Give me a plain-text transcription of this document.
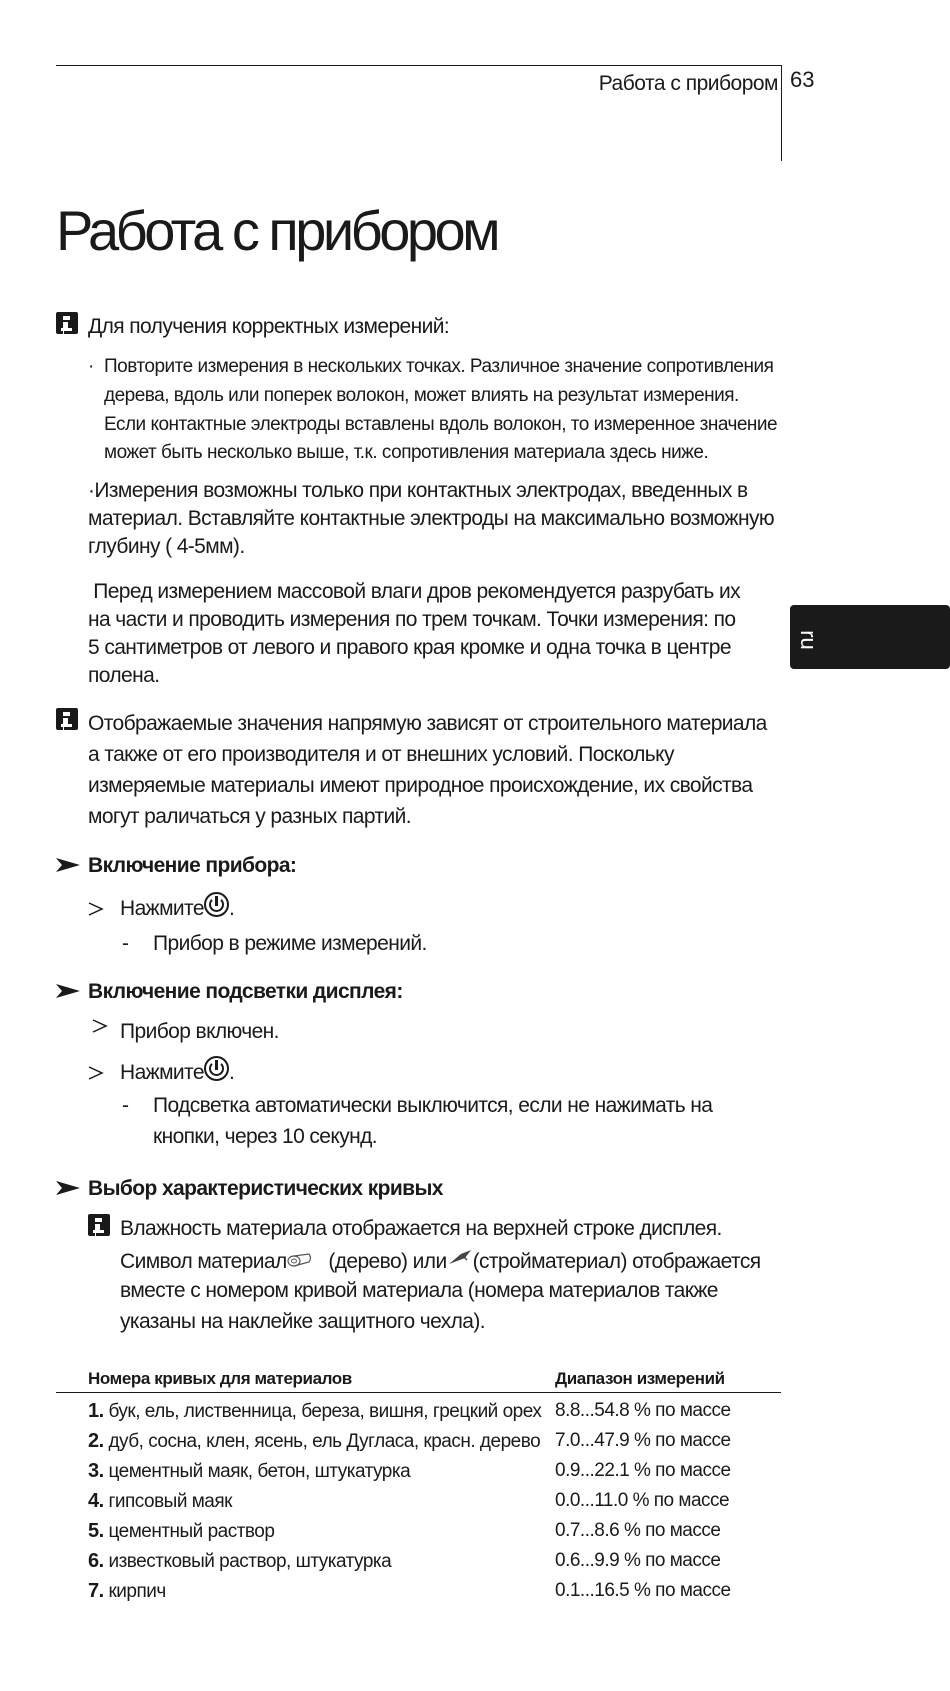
Работа с прибором 63
Работа с прибором
ru
Для получения корректных измерений:
· Повторите измерения в нескольких точках. Различное значение сопротивления
дерева, вдоль или поперек волокон, может влиять на результат измерения.
Если контактные электроды вставлены вдоль волокон, то измеренное значение
может быть несколько выше, т.к. сопротивления материала здесь ниже.
·Измерения возможны только при контактных электродах, введенных в
материал. Вставляйте контактные электроды на максимально возможную
глубину ( 4-5мм).
Перед измерением массовой влаги дров рекомендуется разрубать их
на части и проводить измерения по трем точкам. Точки измерения: по
5 сантиметров от левого и правого края кромке и одна точка в центре
полена.
Отображаемые значения напрямую зависят от строительного материала
а также от его производителя и от внешних условий. Поскольку
измеряемые материалы имеют природное происхождение, их свойства
могут раличаться у разных партий.
Включение прибора:
Нажмите .
- Прибор в режиме измерений.
Включение подсветки дисплея:
Прибор включен.
Нажмите .
- Подсветка автоматически выключится, если не нажимать на
кнопки, через 10 секунд.
Выбор характеристических кривых
Влажность материала отображается на верхней строке дисплея.
Символ материал (дерево) или (стройматериал) отображается
вместе с номером кривой материала (номера материалов также
указаны на наклейке защитного чехла).
Номера кривых для материалов	Диапазон измерений
1. бук, ель, лиственница, береза, вишня, грецкий орех 8.8...54.8 % по массе
2. дуб, сосна, клен, ясень, ель Дугласа, красн. дерево 7.0...47.9 % по массе
3. цементный маяк, бетон, штукатурка	0.9...22.1 % по массе
4. гипсовый маяк	0.0...11.0 % по массе
5. цементный раствор	0.7...8.6 % по массе
6. известковый раствор, штукатурка	0.6...9.9 % по массе
7. кирпич	0.1...16.5 % по массе
